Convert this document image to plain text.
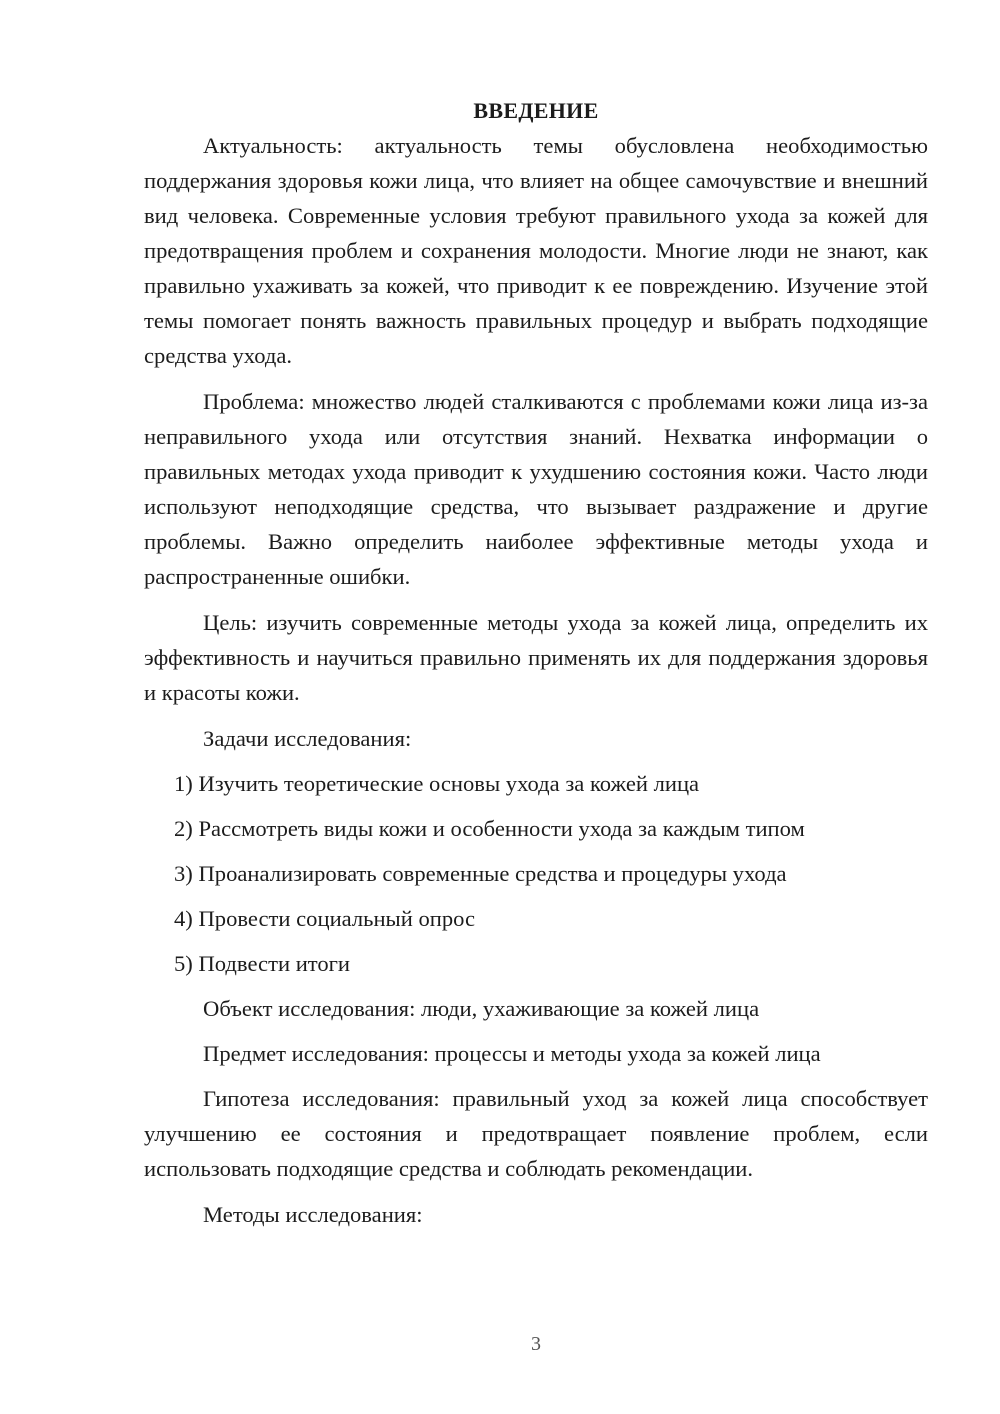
ВВЕДЕНИЕ

Актуальность: актуальность темы обусловлена необходимостью поддержания здоровья кожи лица, что влияет на общее самочувствие и внешний вид человека. Современные условия требуют правильного ухода за кожей для предотвращения проблем и сохранения молодости. Многие люди не знают, как правильно ухаживать за кожей, что приводит к ее повреждению. Изучение этой темы помогает понять важность правильных процедур и выбрать подходящие средства ухода.

Проблема: множество людей сталкиваются с проблемами кожи лица из-за неправильного ухода или отсутствия знаний. Нехватка информации о правильных методах ухода приводит к ухудшению состояния кожи. Часто люди используют неподходящие средства, что вызывает раздражение и другие проблемы. Важно определить наиболее эффективные методы ухода и распространенные ошибки.

Цель: изучить современные методы ухода за кожей лица, определить их эффективность и научиться правильно применять их для поддержания здоровья и красоты кожи.

Задачи исследования:

1) Изучить теоретические основы ухода за кожей лица
2) Рассмотреть виды кожи и особенности ухода за каждым типом
3) Проанализировать современные средства и процедуры ухода
4) Провести социальный опрос
5) Подвести итоги

Объект исследования: люди, ухаживающие за кожей лица

Предмет исследования: процессы и методы ухода за кожей лица

Гипотеза исследования: правильный уход за кожей лица способствует улучшению ее состояния и предотвращает появление проблем, если использовать подходящие средства и соблюдать рекомендации.

Методы исследования:

3
